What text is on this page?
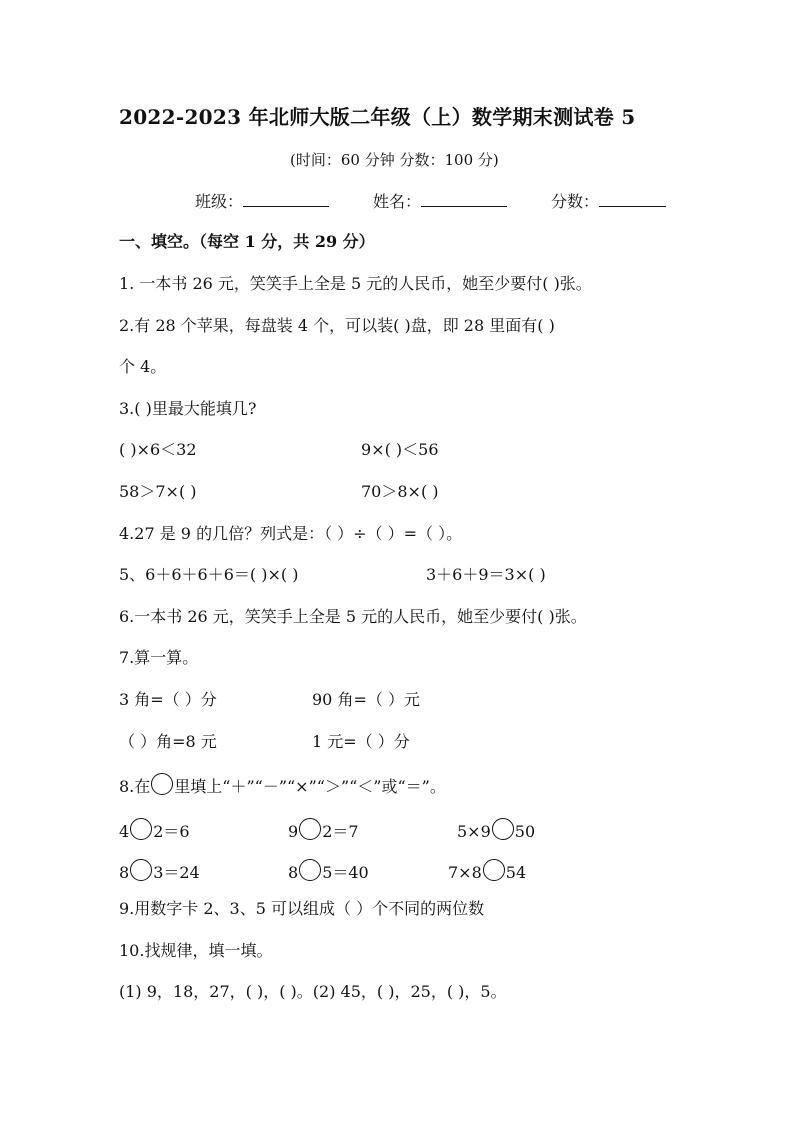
2022-2023 年北师大版二年级（上）数学期末测试卷 5
(时间：60 分钟 分数：100 分)
班级：	姓名：	分数：
一、填空。（每空 1 分，共 29 分）
1. 一本书 26 元，笑笑手上全是 5 元的人民币，她至少要付( )张。
2.有 28 个苹果，每盘装 4 个，可以装( )盘，即 28 里面有( )
个 4。
3.( )里最大能填几?
( )×6＜32	9×( )＜56
58＞7×( )	70＞8×( )
4.27 是 9 的几倍？列式是：（ ）÷（ ）=（ ）。
5、6＋6＋6＋6＝( )×( )	3＋6＋9＝3×( )
6.一本书 26 元，笑笑手上全是 5 元的人民币，她至少要付( )张。
7.算一算。
3 角=（ ）分	90 角=（ ）元
（ ）角=8 元	1 元=（ ）分
8.在 里填上“＋”“－”“×”“＞”“＜”或“＝”。
4 2＝6	9 2＝7	5×9 50
8 3＝24	8 5＝40	7×8 54
9.用数字卡 2、3、5 可以组成（ ）个不同的两位数
10.找规律，填一填。
(1) 9，18，27，( )，( )。(2) 45，( )，25，( )，5。
